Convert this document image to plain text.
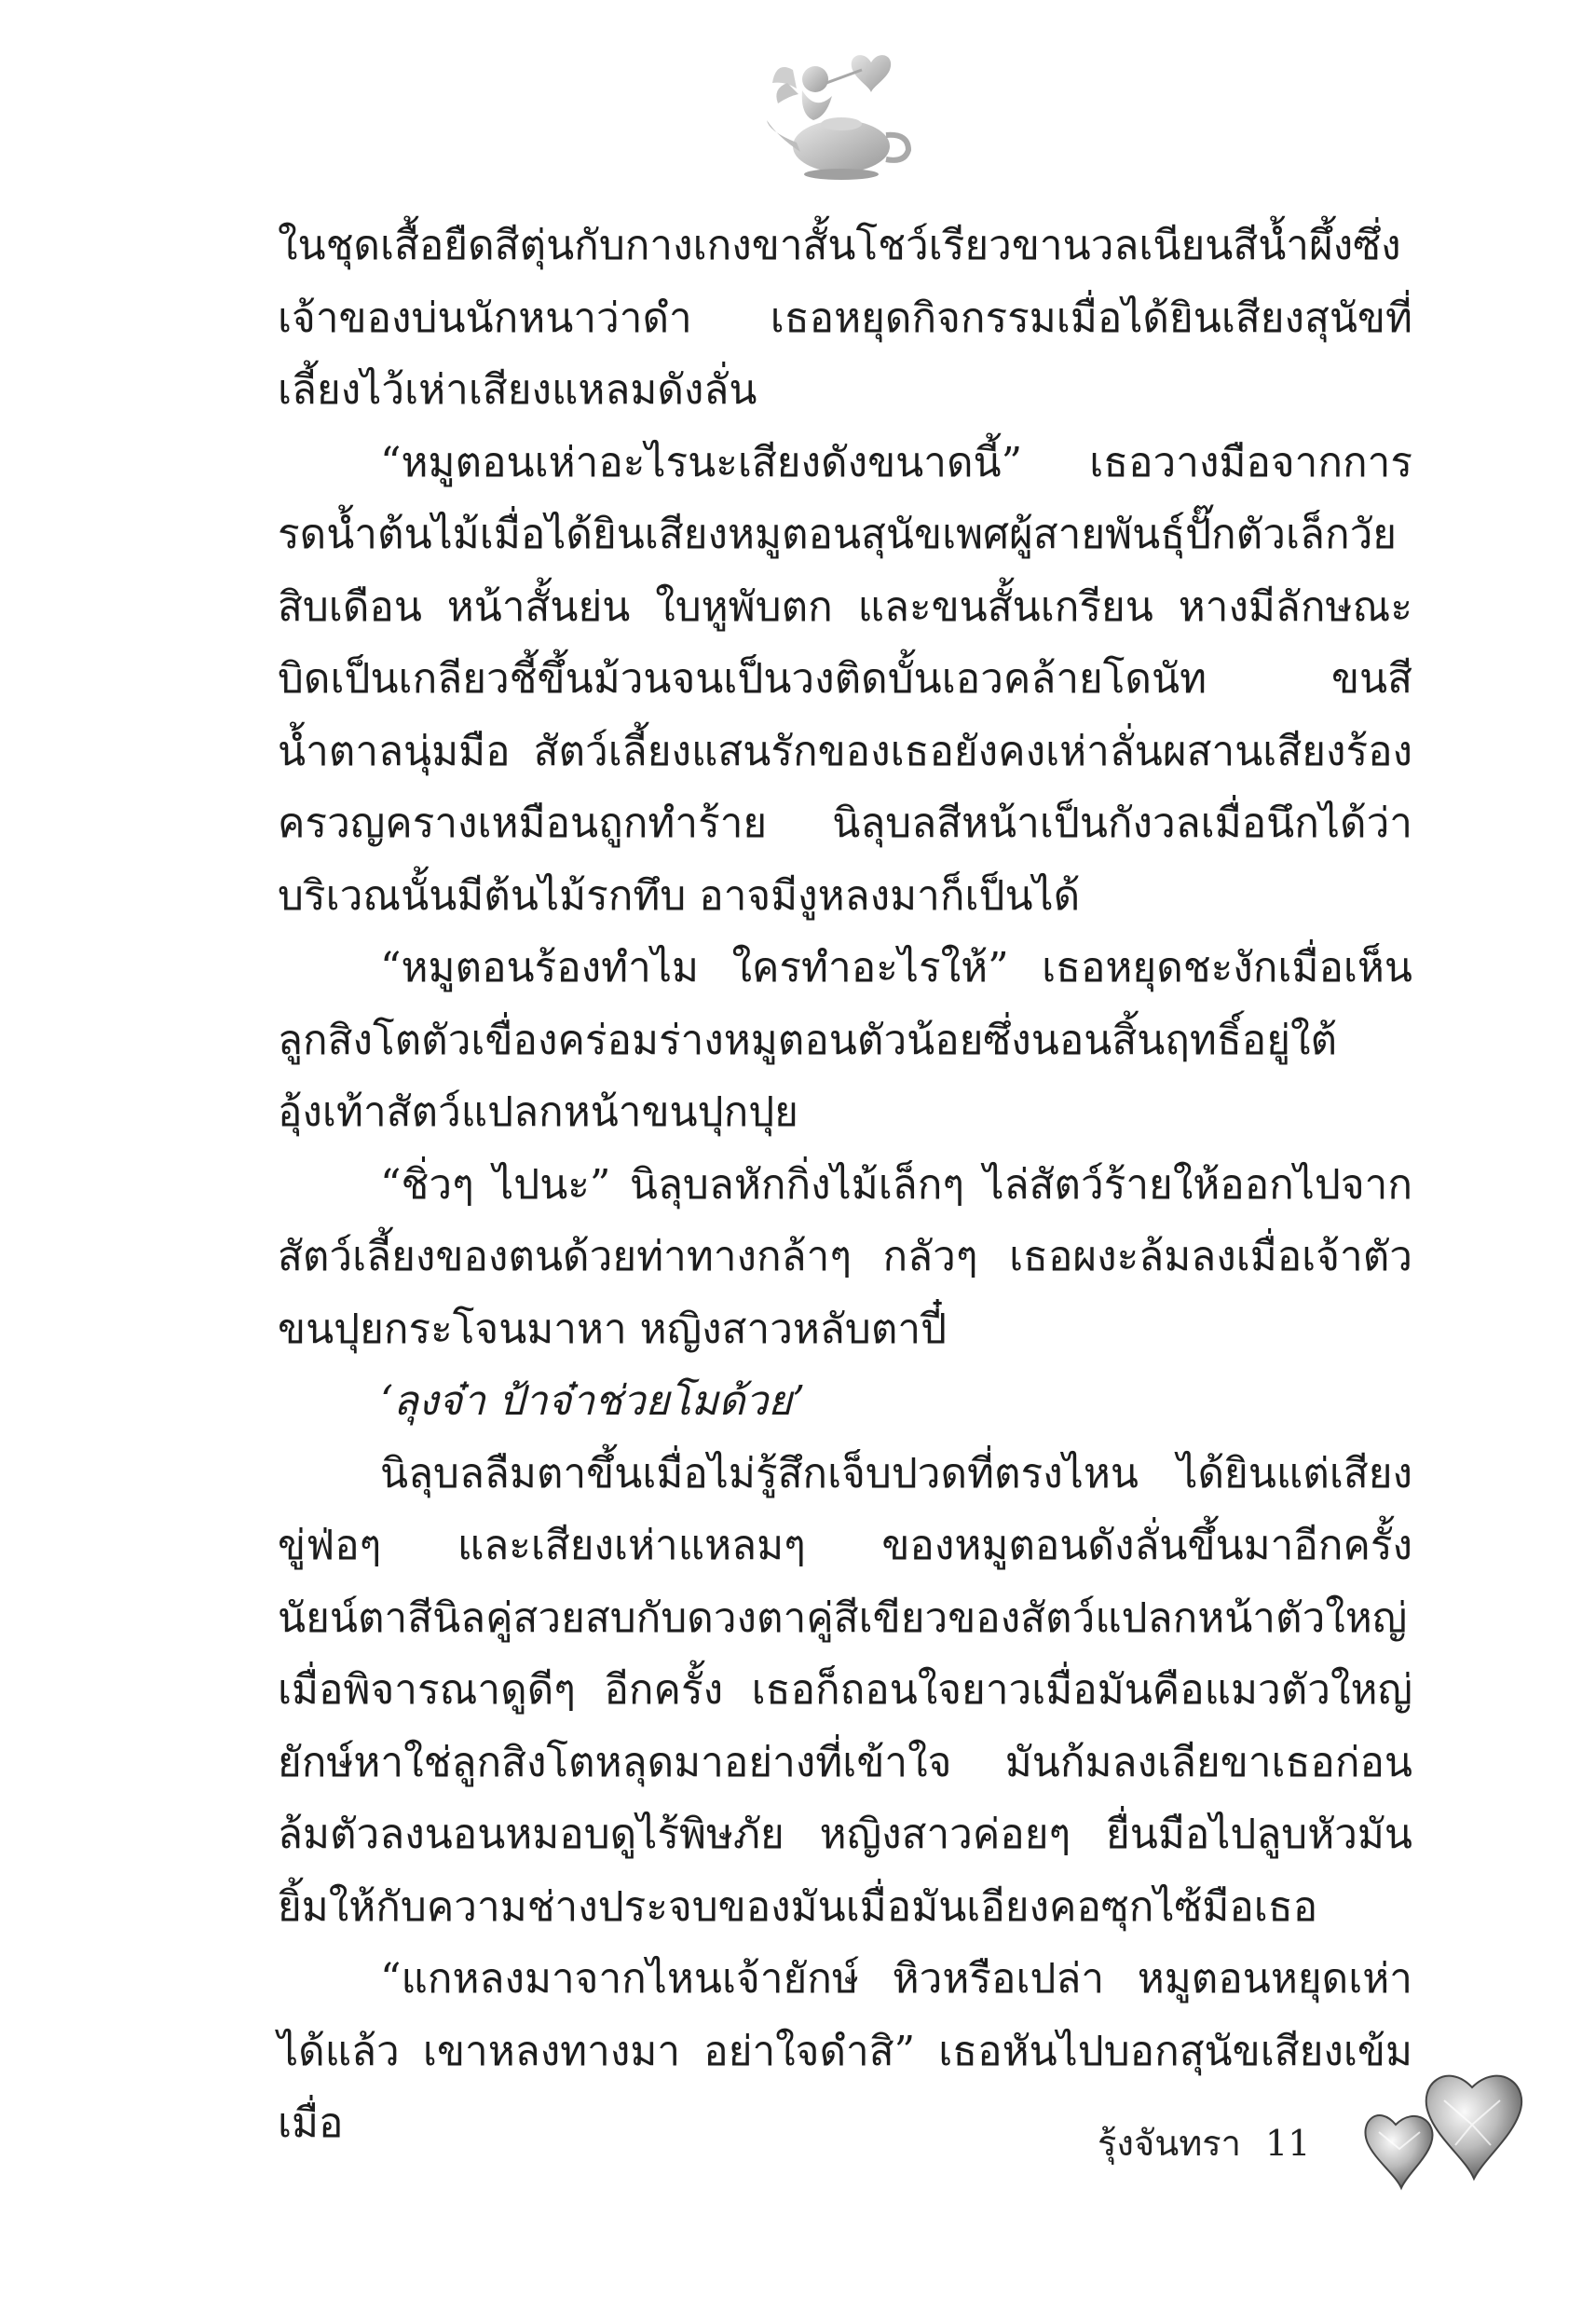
ในชุดเสื้อยืดสีตุ่นกับกางเกงขาสั้นโชว์เรียวขานวลเนียนสีน้ำผึ้งซึ่งเจ้าของบ่นนักหนาว่าดำ เธอหยุดกิจกรรมเมื่อได้ยินเสียงสุนัขที่เลี้ยงไว้เห่าเสียงแหลมดังลั่น

“หมูตอนเห่าอะไรนะเสียงดังขนาดนี้” เธอวางมือจากการรดน้ำต้นไม้เมื่อได้ยินเสียงหมูตอนสุนัขเพศผู้สายพันธุ์ปั๊กตัวเล็กวัยสิบเดือน หน้าสั้นย่น ใบหูพับตก และขนสั้นเกรียน หางมีลักษณะบิดเป็นเกลียวชี้ขึ้นม้วนจนเป็นวงติดบั้นเอวคล้ายโดนัท ขนสีน้ำตาลนุ่มมือ สัตว์เลี้ยงแสนรักของเธอยังคงเห่าลั่นผสานเสียงร้องครวญครางเหมือนถูกทำร้าย นิลุบลสีหน้าเป็นกังวลเมื่อนึกได้ว่าบริเวณนั้นมีต้นไม้รกทึบ อาจมีงูหลงมาก็เป็นได้

“หมูตอนร้องทำไม ใครทำอะไรให้” เธอหยุดชะงักเมื่อเห็นลูกสิงโตตัวเขื่องคร่อมร่างหมูตอนตัวน้อยซึ่งนอนสิ้นฤทธิ์อยู่ใต้อุ้งเท้าสัตว์แปลกหน้าขนปุกปุย

“ชิ่วๆ ไปนะ” นิลุบลหักกิ่งไม้เล็กๆ ไล่สัตว์ร้ายให้ออกไปจากสัตว์เลี้ยงของตนด้วยท่าทางกล้าๆ กลัวๆ เธอผงะล้มลงเมื่อเจ้าตัวขนปุยกระโจนมาหา หญิงสาวหลับตาปี๋

‘ลุงจ๋า ป้าจ๋าช่วยโมด้วย’

นิลุบลลืมตาขึ้นเมื่อไม่รู้สึกเจ็บปวดที่ตรงไหน ได้ยินแต่เสียงขู่ฟ่อๆ และเสียงเห่าแหลมๆ ของหมูตอนดังลั่นขึ้นมาอีกครั้ง นัยน์ตาสีนิลคู่สวยสบกับดวงตาคู่สีเขียวของสัตว์แปลกหน้าตัวใหญ่ เมื่อพิจารณาดูดีๆ อีกครั้ง เธอก็ถอนใจยาวเมื่อมันคือแมวตัวใหญ่ยักษ์หาใช่ลูกสิงโตหลุดมาอย่างที่เข้าใจ มันก้มลงเลียขาเธอก่อนล้มตัวลงนอนหมอบดูไร้พิษภัย หญิงสาวค่อยๆ ยื่นมือไปลูบหัวมัน ยิ้มให้กับความช่างประจบของมันเมื่อมันเอียงคอซุกไซ้มือเธอ

“แกหลงมาจากไหนเจ้ายักษ์ หิวหรือเปล่า หมูตอนหยุดเห่าได้แล้ว เขาหลงทางมา อย่าใจดำสิ” เธอหันไปบอกสุนัขเสียงเข้มเมื่อ	รุ้งจันทรา 11
